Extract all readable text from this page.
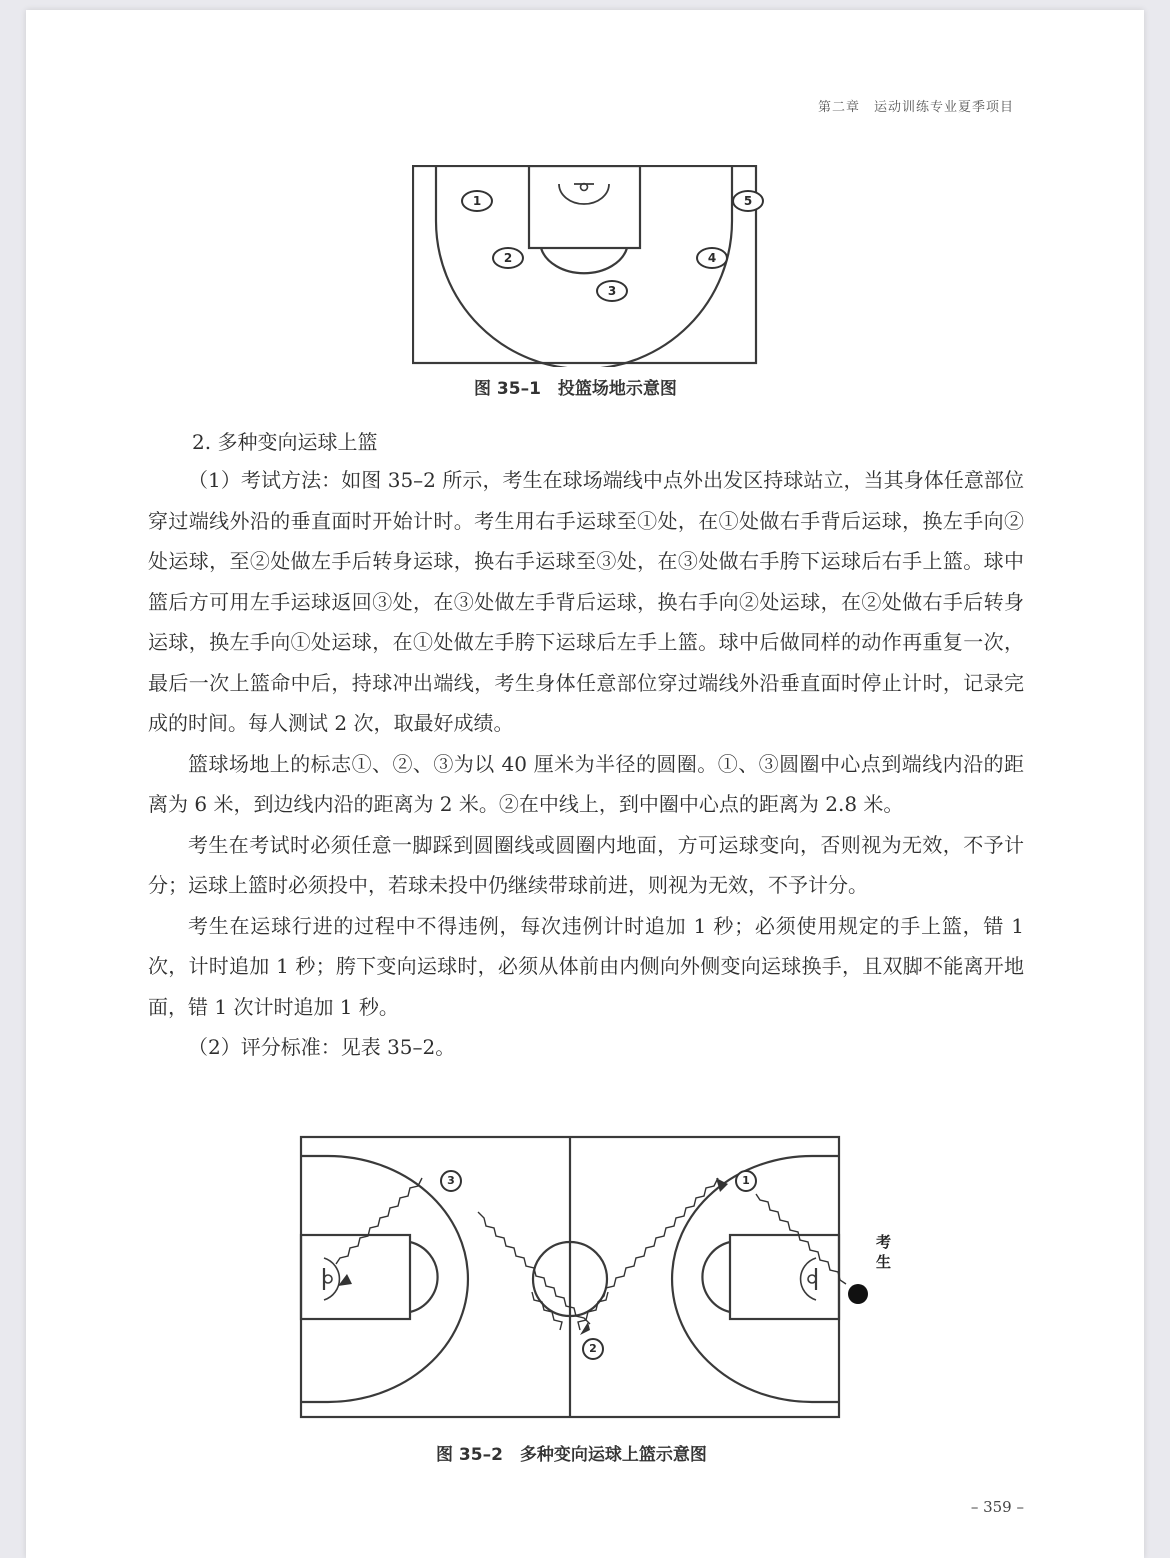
第二章　运动训练专业夏季项目
1
2
3
4
5
图 35–1　投篮场地示意图
2. 多种变向运球上篮

（1）考试方法：如图 35–2 所示，考生在球场端线中点外出发区持球站立，当其身体任意部位穿过端线外沿的垂直面时开始计时。考生用右手运球至①处，在①处做右手背后运球，换左手向②处运球，至②处做左手后转身运球，换右手运球至③处，在③处做右手胯下运球后右手上篮。球中篮后方可用左手运球返回③处，在③处做左手背后运球，换右手向②处运球，在②处做右手后转身运球，换左手向①处运球，在①处做左手胯下运球后左手上篮。球中后做同样的动作再重复一次，最后一次上篮命中后，持球冲出端线，考生身体任意部位穿过端线外沿垂直面时停止计时，记录完成的时间。每人测试 2 次，取最好成绩。

篮球场地上的标志①、②、③为以 40 厘米为半径的圆圈。①、③圆圈中心点到端线内沿的距离为 6 米，到边线内沿的距离为 2 米。②在中线上，到中圈中心点的距离为 2.8 米。

考生在考试时必须任意一脚踩到圆圈线或圆圈内地面，方可运球变向，否则视为无效，不予计分；运球上篮时必须投中，若球未投中仍继续带球前进，则视为无效，不予计分。

考生在运球行进的过程中不得违例，每次违例计时追加 1 秒；必须使用规定的手上篮，错 1 次，计时追加 1 秒；胯下变向运球时，必须从体前由内侧向外侧变向运球换手，且双脚不能离开地面，错 1 次计时追加 1 秒。

（2）评分标准：见表 35–2。

3	1
2
考生
图 35–2　多种变向运球上篮示意图
– 359 –
